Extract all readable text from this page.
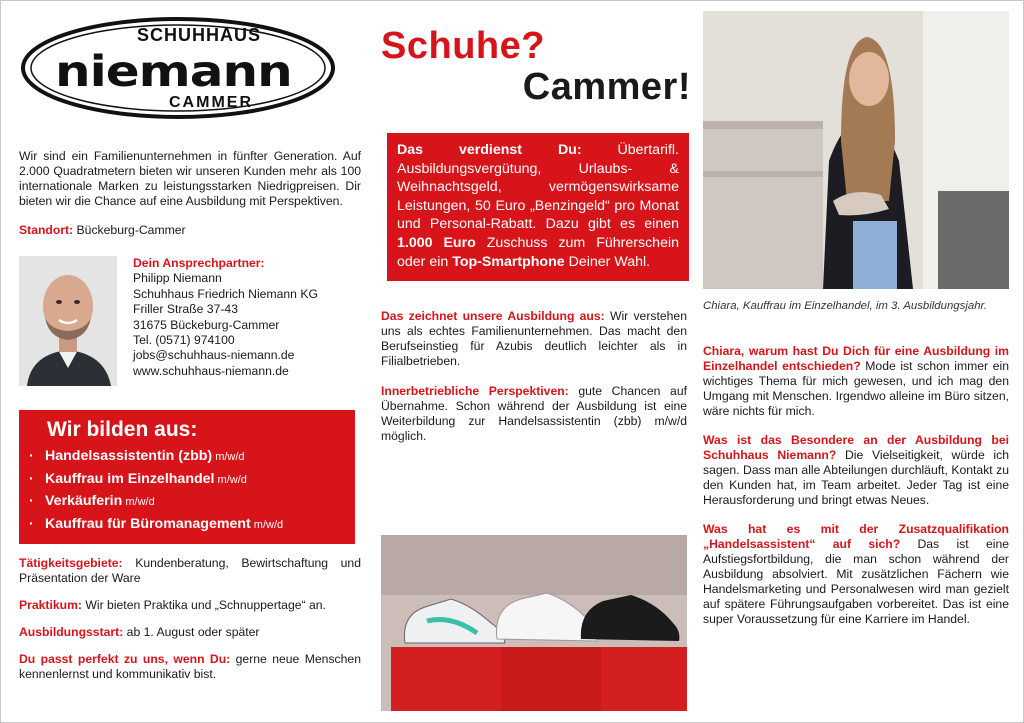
SCHUHHAUS
niemann
CAMMER

Wir sind ein Familienunternehmen in fünfter Generation. Auf 2.000 Quadratmetern bieten wir unseren Kunden mehr als 100 internationale Marken zu leistungsstarken Niedrigpreisen. Dir bieten wir die Chance auf eine Ausbildung mit Perspektiven.

Standort: Bückeburg-Cammer

Dein Ansprechpartner:
Philipp Niemann
Schuhhaus Friedrich Niemann KG
Friller Straße 37-43
31675 Bückeburg-Cammer
Tel. (0571) 974100
jobs@schuhhaus-niemann.de
www.schuhhaus-niemann.de
Wir bilden aus:
· Handelsassistentin (zbb) m/w/d
· Kauffrau im Einzelhandel m/w/d
· Verkäuferin m/w/d
· Kauffrau für Büromanagement m/w/d

Tätigkeitsgebiete: Kundenberatung, Bewirtschaftung und Präsentation der Ware

Praktikum: Wir bieten Praktika und „Schnuppertage“ an.

Ausbildungsstart: ab 1. August oder später

Du passt perfekt zu uns, wenn Du: gerne neue Menschen kennenlernst und kommunikativ bist.

Schuhe?
Cammer!
Das verdienst Du: Übertarifl. Ausbildungsvergütung, Urlaubs- & Weihnachtsgeld, vermögenswirksame Leistungen, 50 Euro „Benzingeld“ pro Monat und Personal-Rabatt. Dazu gibt es einen 1.000 Euro Zuschuss zum Führerschein oder ein Top-Smartphone Deiner Wahl.

Das zeichnet unsere Ausbildung aus: Wir verstehen uns als echtes Familienunternehmen. Das macht den Berufseinstieg für Azubis deutlich leichter als in Filialbetrieben.

Innerbetriebliche Perspektiven: gute Chancen auf Übernahme. Schon während der Ausbildung ist eine Weiterbildung zur Handelsassistentin (zbb) m/w/d möglich.

Chiara, Kauffrau im Einzelhandel, im 3. Ausbildungsjahr.

Chiara, warum hast Du Dich für eine Ausbildung im Einzelhandel entschieden? Mode ist schon immer ein wichtiges Thema für mich gewesen, und ich mag den Umgang mit Menschen. Irgendwo alleine im Büro sitzen, wäre nichts für mich.

Was ist das Besondere an der Ausbildung bei Schuhhaus Niemann? Die Vielseitigkeit, würde ich sagen. Dass man alle Abteilungen durchläuft, Kontakt zu den Kunden hat, im Team arbeitet. Jeder Tag ist eine Herausforderung und bringt etwas Neues.

Was hat es mit der Zusatzqualifikation „Handelsassistent“ auf sich? Das ist eine Aufstiegsfortbildung, die man schon während der Ausbildung absolviert. Mit zusätzlichen Fächern wie Handelsmarketing und Personalwesen wird man gezielt auf spätere Führungsaufgaben vorbereitet. Das ist eine super Voraussetzung für eine Karriere im Handel.
